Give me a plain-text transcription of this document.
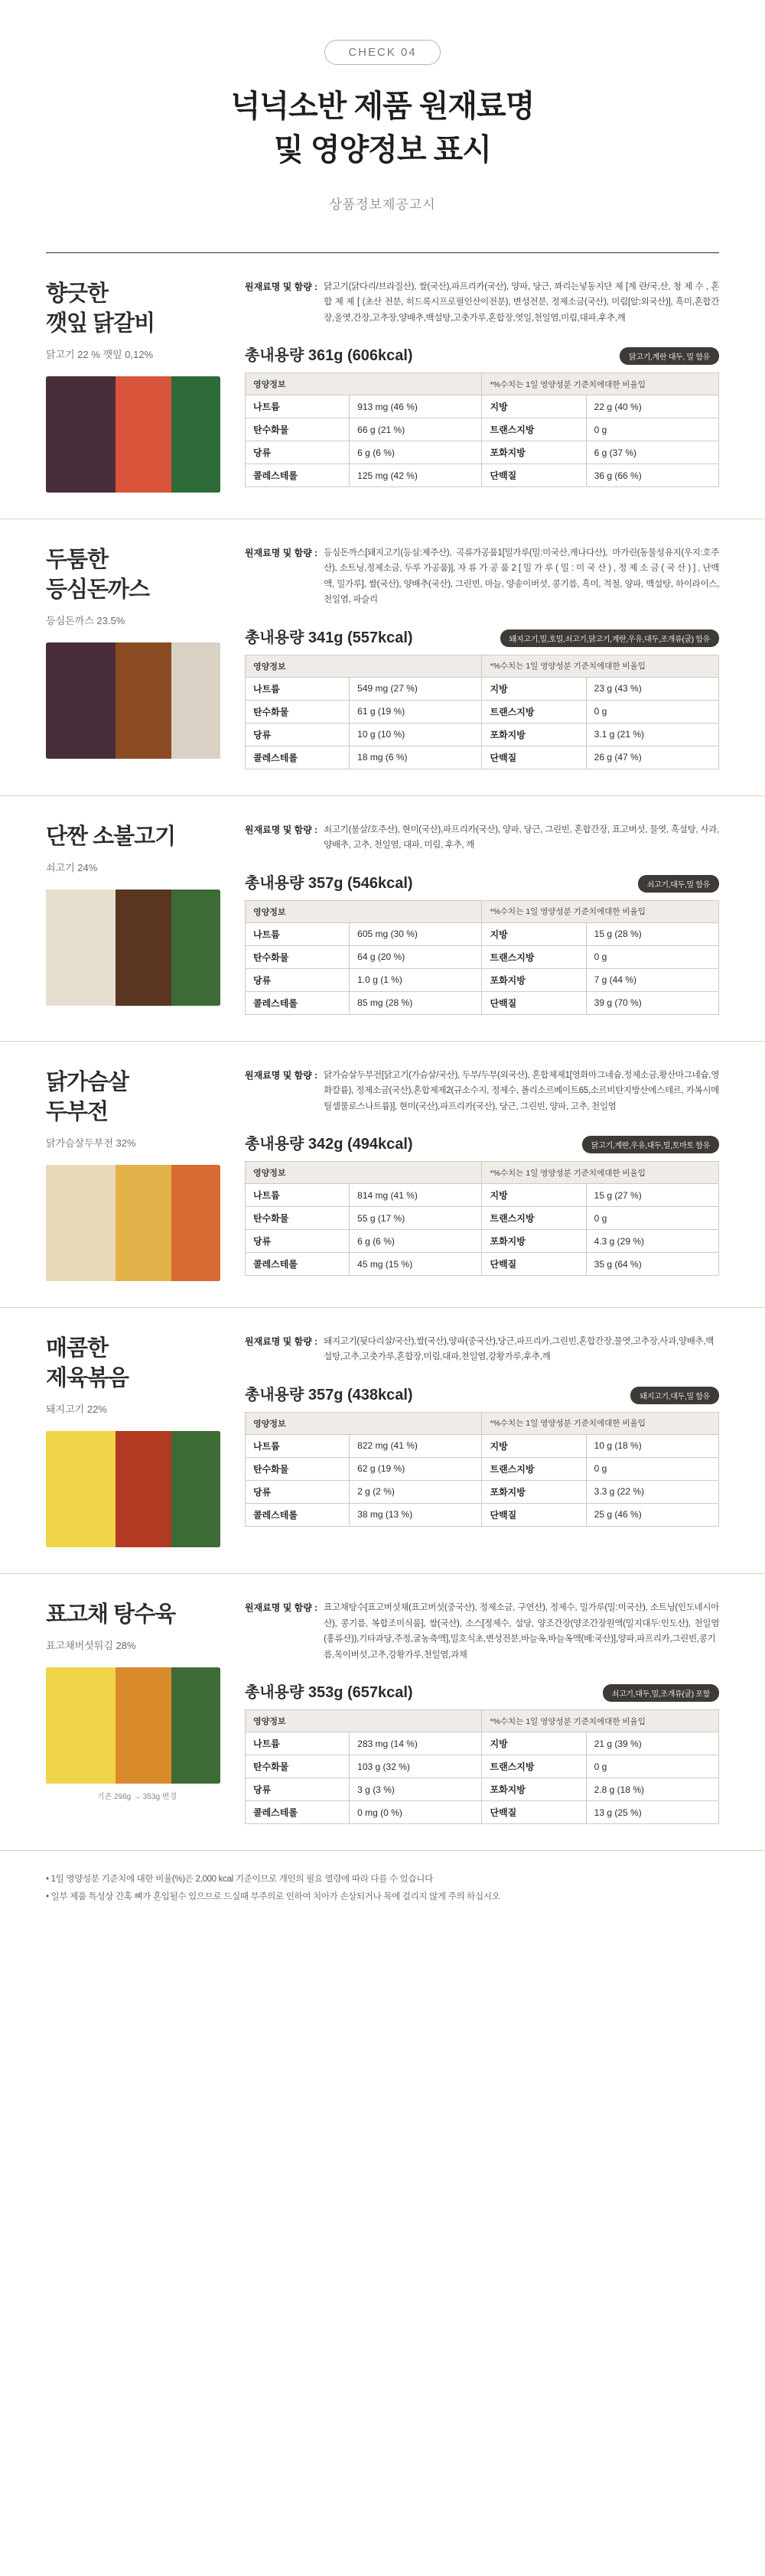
CHECK 04
넉넉소반 제품 원재료명
및 영양정보 표시
상품정보제공고시
향긋한
깻잎 닭갈비
닭고기 22 % 깻잎 0,12%
원재료명 및 함량 : 닭고기(닭다리/브라질산), 쌀(국산),파프리카(국산), 양파, 당근, 꽈리는넣동지단 제 [계 란/국,산, 청 제 수 , 혼합 제 제 [ (초산 전분, 히드록시프로필인산이전분), 변성전분, 정제소금(국산), 미림[알:외국산)], 흑미,혼합간장,올엿,간장,고추장,양배추,백설탕,고춧가루,혼합장,엿일,천일염,미림,대파,후추,깨
총내용량 361g (606kcal)	닭고기,계란 대두, 밀 함유
영양정보		*%수치는 1일 영양성분 기준치에대한 비율입	
나트륨	913 mg (46 %)	지방	22 g (40 %)
탄수화물	66 g (21 %)	트랜스지방	0 g
당류	6 g (6 %)	포화지방	6 g (37 %)
콜레스테롤	125 mg (42 %)	단백질	36 g (66 %)
두툼한
등심돈까스
등심돈까스 23.5%
원재료명 및 함량 : 등심돈까스[돼지고기(등심:제주산), 곡류가공품1[밀가루(밀:미국산,캐나다산), 마가린(동물성유지(우지:호주산), 소트닝,정제소금, 두루 가공품)], 자 류 가 공 품 2 [ 밀 가 루 ( 밀 : 미 국 산 ) , 정 제 소 금 ( 국 산 ) ] , 난백액, 밀가루], 쌀(국산), 양배추(국산), 그린빈, 마늘, 양송이버섯, 콩기름, 흑미, 적철, 양파, 백설탕, 하이라이스, 천일염, 파슬리
총내용량 341g (557kcal)	돼지고기,밀,호밀,쇠고기,닭고기,계란,우유,대두,조개류(굴) 함유
영양정보		*%수치는 1일 영양성분 기준치에대한 비율입	
나트륨	549 mg (27 %)	지방	23 g (43 %)
탄수화물	61 g (19 %)	트랜스지방	0 g
당류	10 g (10 %)	포화지방	3.1 g (21 %)
콜레스테롤	18 mg (6 %)	단백질	26 g (47 %)
단짠 소불고기
쇠고기 24%
원재료명 및 함량 : 쇠고기(불살/호주산), 현미(국산),파프리카(국산), 양파, 당근, 그린빈, 혼합간장, 표고버섯, 물엿, 흑설탕, 사과, 양배추, 고추, 천일염, 대파, 미림, 후추, 깨
총내용량 357g (546kcal)	쇠고기,대두,밀 함유
영양정보		*%수치는 1일 영양성분 기준치에대한 비율입	
나트륨	605 mg (30 %)	지방	15 g (28 %)
탄수화물	64 g (20 %)	트랜스지방	0 g
당류	1.0 g (1 %)	포화지방	7 g (44 %)
콜레스테롤	85 mg (28 %)	단백질	39 g (70 %)
닭가슴살
두부전
닭가슴살두부전 32%
원재료명 및 함량 : 닭가슴살두부전[닭고기(가슴살/국산), 두부/두부(외국산), 혼합제제1[영화마그네슘,정제소금,황산마그네슘,영화칼륨), 정제소금(국산),혼합제제2(규소수지, 정제수, 폴리소르베이트65,소르비탄지방산에스테르, 카복시메틸셀룰로스나트륨)], 현미(국산),파프리카(국산), 당근, 그린빈, 양파, 고추, 천일염
총내용량 342g (494kcal)	닭고기,계란,우유,대두,밀,토마토 함유
영양정보		*%수치는 1일 영양성분 기준치에대한 비율입	
나트륨	814 mg (41 %)	지방	15 g (27 %)
탄수화물	55 g (17 %)	트랜스지방	0 g
당류	6 g (6 %)	포화지방	4.3 g (29 %)
콜레스테롤	45 mg (15 %)	단백질	35 g (64 %)
매콤한
제육볶음
돼지고기 22%
원재료명 및 함량 : 돼지고기(뒷다리살/국산),쌀(국산),양파(중국산),당근,파프리카,그린빈,혼합간장,물엿,고추장,사과,양배추,백설탕,고추,고춧가루,혼합장,미림,대파,천일염,강황가루,후추,깨
총내용량 357g (438kcal)	돼지고기,대두,밀 함유
영양정보		*%수치는 1일 영양성분 기준치에대한 비율입	
나트륨	822 mg (41 %)	지방	10 g (18 %)
탄수화물	62 g (19 %)	트랜스지방	0 g
당류	2 g (2 %)	포화지방	3.3 g (22 %)
콜레스테롤	38 mg (13 %)	단백질	25 g (46 %)
표고채 탕수육
표고채버섯튀김 28%
기존 298g → 353g 변경
원재료명 및 함량 : 표고채탕수[표고버섯채(표고버섯(중국산), 정제소금, 구연산), 정제수, 밀가루(밀:미국산), 소트닝(인도네시아산), 콩기름, 복합조미식품], 쌀(국산), 소스[정제수, 설당, 양조간장(양조간장원액(밀지대두:인도산), 천일염(홍류산)),기타과당,주정,굴농축액],밀호식초,변성전분,바늘옥,바늘옥액(배:국산)],양파,파프리카,그린빈,콩기름,목이버섯,고추,강황가루,천일염,과채
총내용량 353g (657kcal)	쇠고기,대두,밀,조개류(굴) 포함
영양정보		*%수치는 1일 영양성분 기준치에대한 비율입	
나트륨	283 mg (14 %)	지방	21 g (39 %)
탄수화물	103 g (32 %)	트랜스지방	0 g
당류	3 g (3 %)	포화지방	2.8 g (18 %)
콜레스테롤	0 mg (0 %)	단백질	13 g (25 %)
• 1일 영양성분 기준치에 대한 비율(%)은 2,000 kcal 기준이므로 개인의 필요 열량에 따라 다를 수 있습니다
• 일부 제품 특성상 간혹 뼈가 혼입될수 있으므로 드실때 부주의로 인하여 치아가 손상되거나 목에 걸리지 않게 주의 하십시오
